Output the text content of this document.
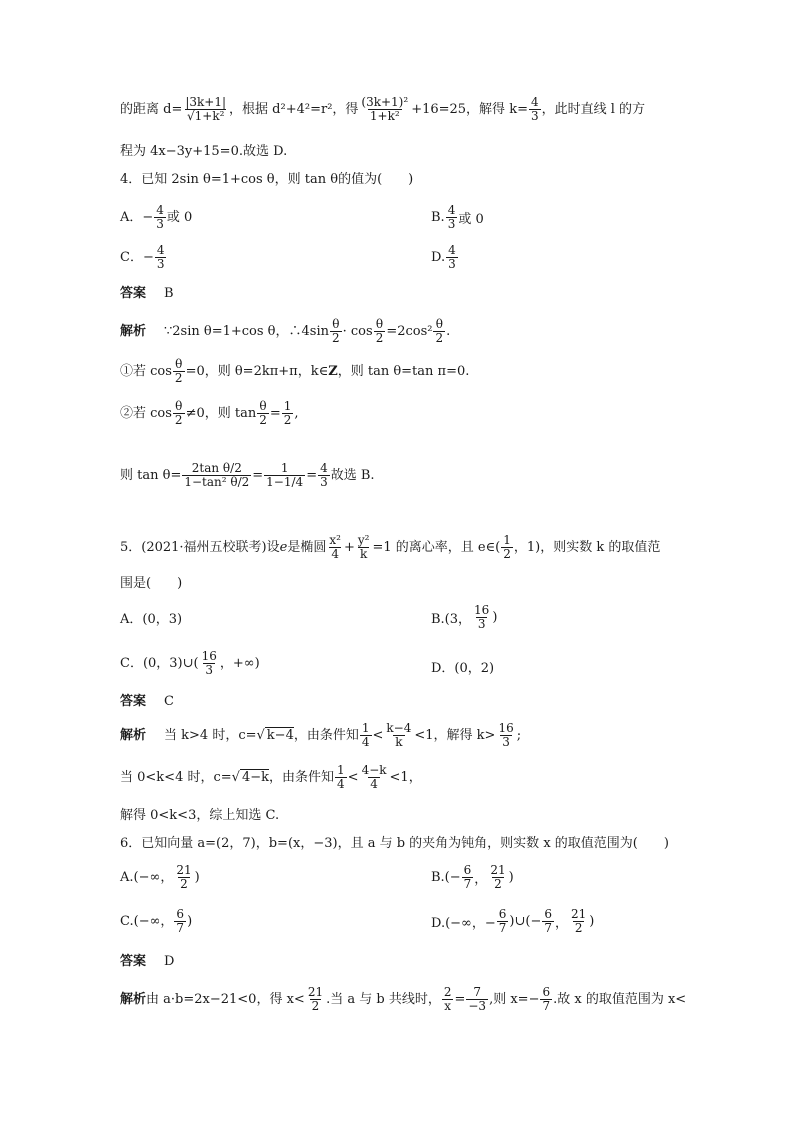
的距离 $d= \frac{|3k+1|}{\text{√1+k²}}$ ，根据 d²+4²=r²，得 $\frac{\text{(3k+1)²}}{\text{1+k²}} +16=25$，解得 $k= \frac{4}{3}$ ，此时直线 l 的方
程为 4x−3y+15=0.故选 D.
4．已知 2sin θ=1+cos θ，则 tan θ的值为(　　)
A．− $\frac{4}{3}$ 或 0	B. $\frac{4}{3}$ 或 0
C．− $\frac{4}{3}$	D. $\frac{4}{3}$
答案 B
解析 ∵2sin θ=1+cos θ，∴4sin $\frac{\theta}{2} \cdot \cos \frac{\theta}{2} =2\cos^2 \frac{\theta}{2}$ .
①若 $\cos \frac{\theta}{2} =0$，则 θ=2kπ+π，k∈ Z ，则 tan θ=tan π=0.
②若 $\cos \frac{\theta}{2} \ne 0$，则 $\tan \frac{\theta}{2} = \frac{1}{2}$ ,
则 $\tan \theta= \frac{\text{2tan θ/2}}{\text{1−tan² θ/2}} = \frac{1}{1-1/4} = \frac{4}{3}$ 故选 B.
5．(2021·福州五校联考)设 e 是椭圆 $\frac{\text{x²}}{4} + \frac{\text{y²}}{k} =1$ 的离心率，且 e∈( $\frac{1}{2}$ ，1)，则实数 k 的取值范
围是(　　)
A．(0，3)	B.(3， $\frac{16}{3}$ )
C．(0，3)∪( $\frac{16}{3}$ ，+∞)	D．(0，2)
答案 C
解析 当 k>4 时，c= √ k−4 ，由条件知 $\frac{1}{4} < \frac{k-4}{k} <1$，解得 $k> \frac{16}{3}$ ;
当 0<k<4 时，c= √ 4−k ，由条件知 $\frac{1}{4} < \frac{4-k}{4} <1$，
解得 0<k<3，综上知选 C.
6．已知向量 a=(2，7)，b=(x，−3)，且 a 与 b 的夹角为钝角，则实数 x 的取值范围为(　　)
A.(−∞， $\frac{21}{2}$ )	$B.(- \frac{6}{7}$ ， $\frac{21}{2}$ )
C.(−∞， $\frac{6}{7}$ )	D.(−∞，− $\frac{6}{7}$ )∪(− $\frac{6}{7}$ ， $\frac{21}{2}$ )
答案 D
解析 由 a·b=2x−21<0，得 $x< \frac{21}{2}$ .当 a 与 b 共线时， $\frac{2}{x} = \frac{7}{-3}$ ,则 $x=- \frac{6}{7}$ .故 x 的取值范围为 x<
